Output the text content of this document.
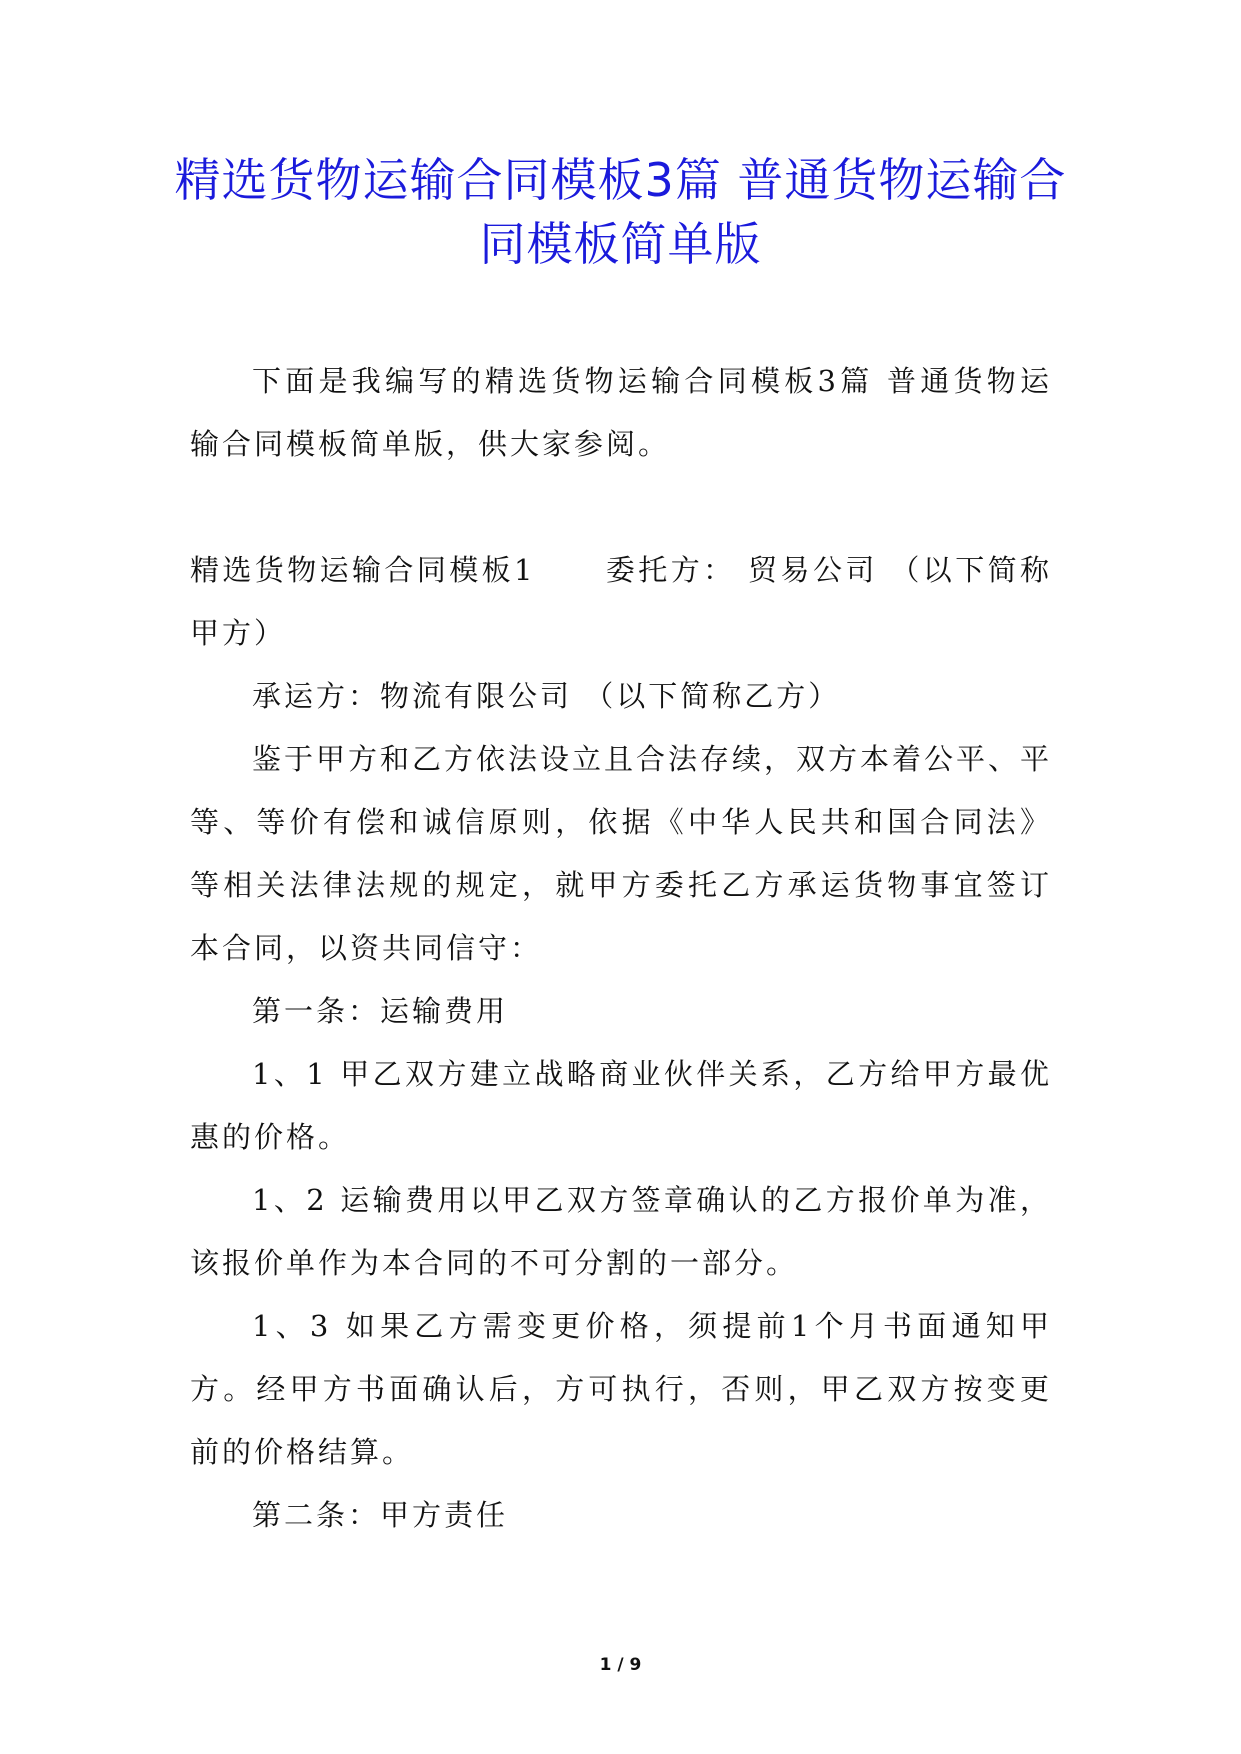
精选货物运输合同模板3篇 普通货物运输合同模板简单版

下面是我编写的精选货物运输合同模板3篇 普通货物运输合同模板简单版，供大家参阅。

精选货物运输合同模板1 委托方： 贸易公司 （以下简称甲方）

承运方：物流有限公司 （以下简称乙方）

鉴于甲方和乙方依法设立且合法存续，双方本着公平、平等、等价有偿和诚信原则，依据《中华人民共和国合同法》等相关法律法规的规定，就甲方委托乙方承运货物事宜签订本合同，以资共同信守：

第一条：运输费用

1、1 甲乙双方建立战略商业伙伴关系，乙方给甲方最优惠的价格。

1、2 运输费用以甲乙双方签章确认的乙方报价单为准，该报价单作为本合同的不可分割的一部分。

1、3 如果乙方需变更价格，须提前1个月书面通知甲方。经甲方书面确认后，方可执行，否则，甲乙双方按变更前的价格结算。

第二条：甲方责任

1 / 9
